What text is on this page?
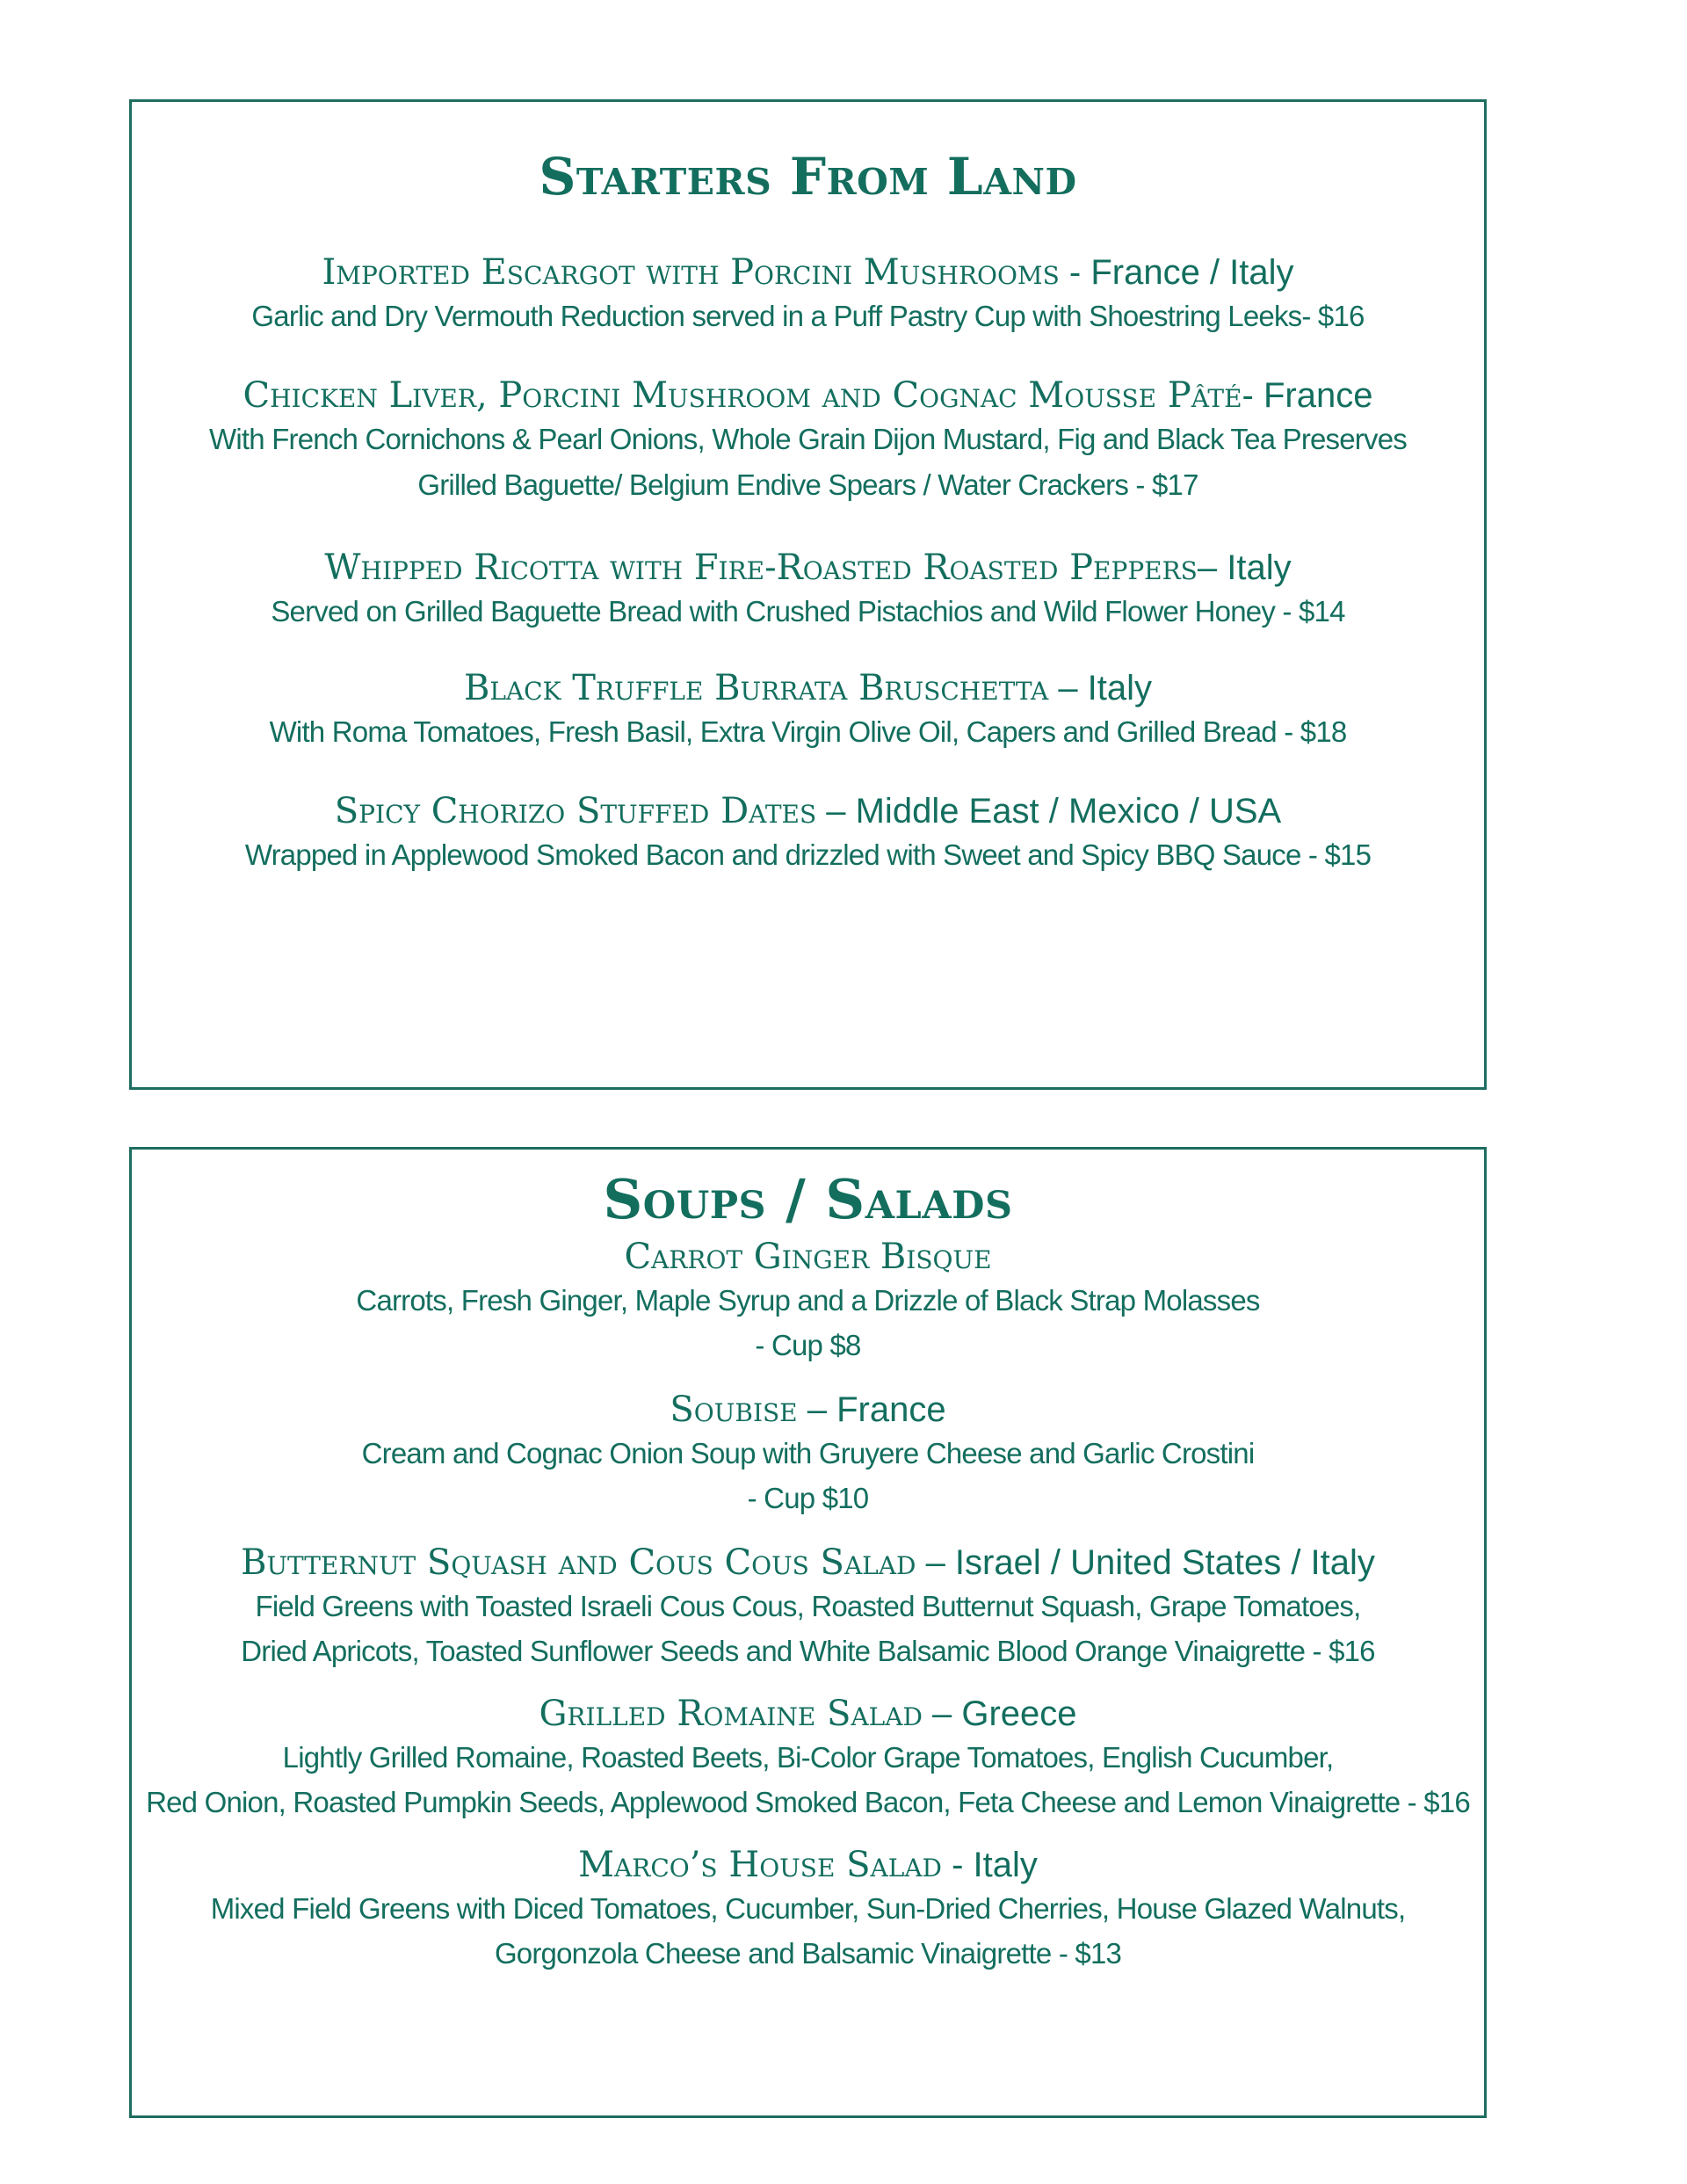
Starters From Land

Imported Escargot with Porcini Mushrooms - France / Italy

Garlic and Dry Vermouth Reduction served in a Puff Pastry Cup with Shoestring Leeks- $16

Chicken Liver, Porcini Mushroom and Cognac Mousse Pâté- France

With French Cornichons & Pearl Onions, Whole Grain Dijon Mustard, Fig and Black Tea Preserves

Grilled Baguette/ Belgium Endive Spears / Water Crackers - $17

Whipped Ricotta with Fire-Roasted Roasted Peppers– Italy

Served on Grilled Baguette Bread with Crushed Pistachios and Wild Flower Honey - $14

Black Truffle Burrata Bruschetta – Italy

With Roma Tomatoes, Fresh Basil, Extra Virgin Olive Oil, Capers and Grilled Bread - $18

Spicy Chorizo Stuffed Dates – Middle East / Mexico / USA

Wrapped in Applewood Smoked Bacon and drizzled with Sweet and Spicy BBQ Sauce - $15

Soups / Salads

Carrot Ginger Bisque

Carrots, Fresh Ginger, Maple Syrup and a Drizzle of Black Strap Molasses

- Cup $8

Soubise – France

Cream and Cognac Onion Soup with Gruyere Cheese and Garlic Crostini

- Cup $10

Butternut Squash and Cous Cous Salad – Israel / United States / Italy

Field Greens with Toasted Israeli Cous Cous, Roasted Butternut Squash, Grape Tomatoes,

Dried Apricots, Toasted Sunflower Seeds and White Balsamic Blood Orange Vinaigrette - $16

Grilled Romaine Salad – Greece

Lightly Grilled Romaine, Roasted Beets, Bi-Color Grape Tomatoes, English Cucumber,

Red Onion, Roasted Pumpkin Seeds, Applewood Smoked Bacon, Feta Cheese and Lemon Vinaigrette - $16

Marco’s House Salad - Italy

Mixed Field Greens with Diced Tomatoes, Cucumber, Sun-Dried Cherries, House Glazed Walnuts,

Gorgonzola Cheese and Balsamic Vinaigrette - $13
